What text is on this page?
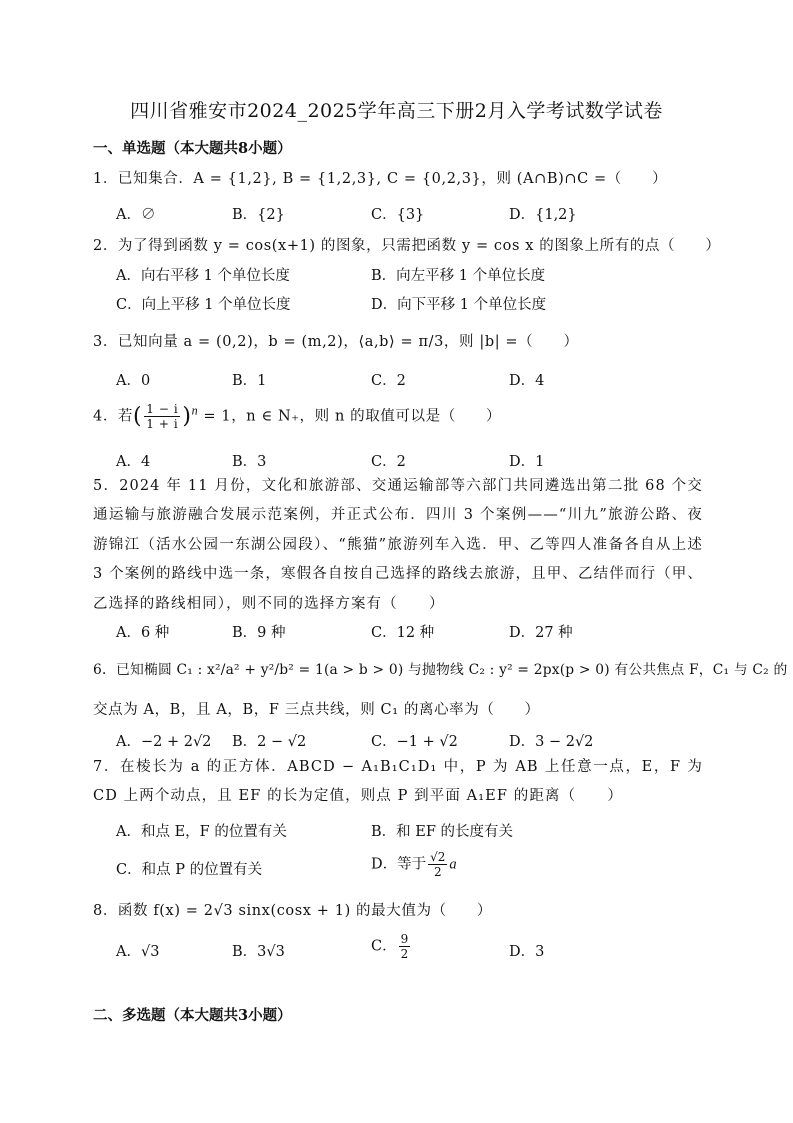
四川省雅安市2024_2025学年高三下册2月入学考试数学试卷
一、单选题（本大题共8小题）
1．已知集合．A = {1,2}, B = {1,2,3}, C = {0,2,3}，则 (A∩B)∩C =（　　）
A．∅	B．{2}	C．{3}	D．{1,2}
2．为了得到函数 y = cos(x+1) 的图象，只需把函数 y = cos x 的图象上所有的点（　　）
A．向右平移 1 个单位长度	B．向左平移 1 个单位长度
C．向上平移 1 个单位长度	D．向下平移 1 个单位长度
3．已知向量 a = (0,2)，b = (m,2)，⟨a,b⟩ = π/3，则 |b| =（　　）
A．0	B．1	C．2	D．4
4．若( $\frac{1 - i}{1 + i} )^n = 1$，n ∈ N₊，则 n 的取值可以是（　　）
A．4	B．3	C．2	D．1
5．2024 年 11 月份，文化和旅游部、交通运输部等六部门共同遴选出第二批 68 个交通运输与旅游融合发展示范案例，并正式公布．四川 3 个案例——“川九”旅游公路、夜游锦江（活水公园一东湖公园段）、“熊猫”旅游列车入选．甲、乙等四人准备各自从上述 3 个案例的路线中选一条，寒假各自按自己选择的路线去旅游，且甲、乙结伴而行（甲、乙选择的路线相同），则不同的选择方案有（　　）
A．6 种	B．9 种	C．12 种	D．27 种
6．已知椭圆 C₁ : x²/a² + y²/b² = 1(a > b > 0) 与抛物线 C₂ : y² = 2px(p > 0) 有公共焦点 F，C₁ 与 C₂ 的
交点为 A，B，且 A，B，F 三点共线，则 C₁ 的离心率为（　　）
A．−2 + 2√2 B．2 − √2	C．−1 + √2	D．3 − 2√2
7．在棱长为 a 的正方体．ABCD − A₁B₁C₁D₁ 中，P 为 AB 上任意一点，E，F 为 CD 上两个动点，且 EF 的长为定值，则点 P 到平面 A₁EF 的距离（　　）
A．和点 E，F 的位置有关	B．和 EF 的长度有关
C．和点 P 的位置有关	D．等于 $\frac{√2}{2}$ a
8．函数 f(x) = 2√3 sinx(cosx + 1) 的最大值为（　　）
A．√3	B．3√3	C． $\frac{9}{2}$	D．3
二、多选题（本大题共3小题）
